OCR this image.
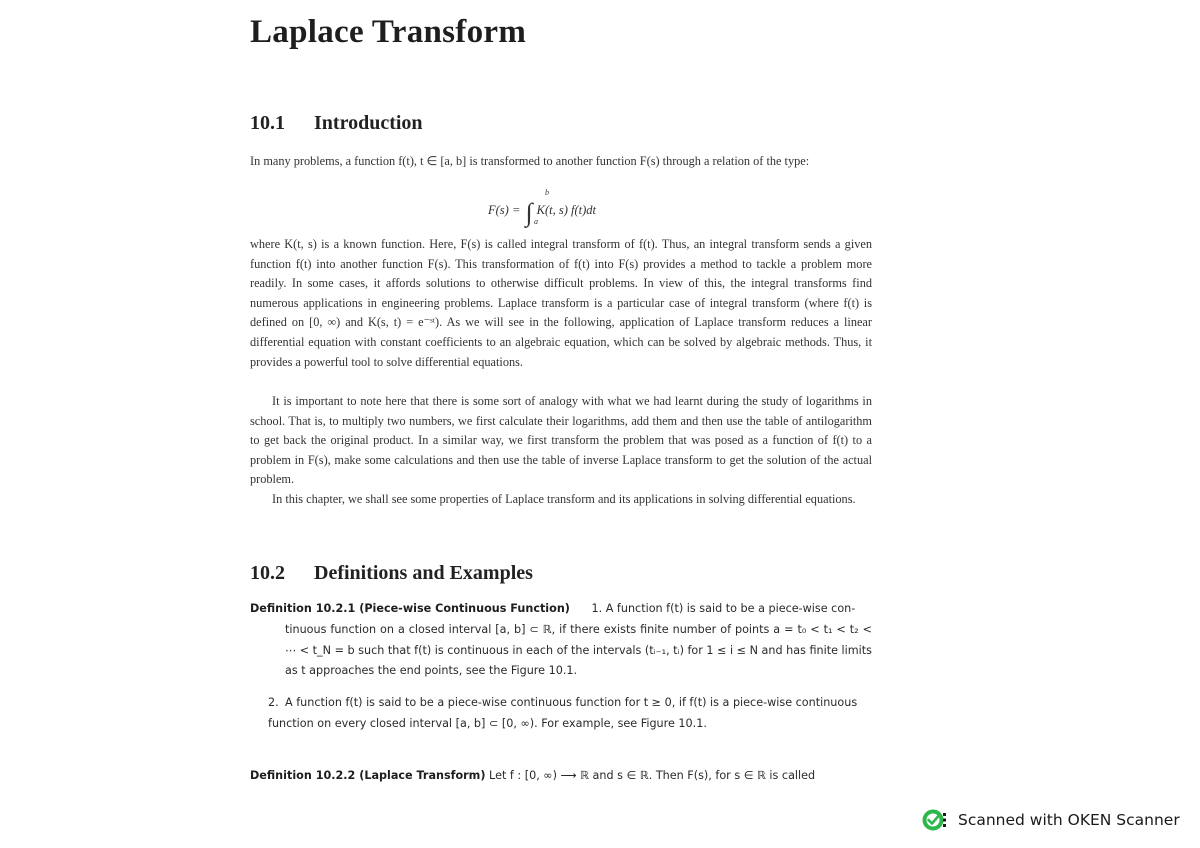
Laplace Transform
10.1 Introduction

In many problems, a function f(t), t ∈ [a, b] is transformed to another function F(s) through a relation of the type:

F(s) = ∫
b
a
K(t, s) f(t)dt

where K(t, s) is a known function. Here, F(s) is called integral transform of f(t). Thus, an integral transform sends a given function f(t) into another function F(s). This transformation of f(t) into F(s) provides a method to tackle a problem more readily. In some cases, it affords solutions to otherwise difficult problems. In view of this, the integral transforms find numerous applications in engineering problems. Laplace transform is a particular case of integral transform (where f(t) is defined on [0, ∞) and K(s, t) = e⁻ˢᵗ). As we will see in the following, application of Laplace transform reduces a linear differential equation with constant coefficients to an algebraic equation, which can be solved by algebraic methods. Thus, it provides a powerful tool to solve differential equations.

It is important to note here that there is some sort of analogy with what we had learnt during the study of logarithms in school. That is, to multiply two numbers, we first calculate their logarithms, add them and then use the table of antilogarithm to get back the original product. In a similar way, we first transform the problem that was posed as a function of f(t) to a problem in F(s), make some calculations and then use the table of inverse Laplace transform to get the solution of the actual problem.

In this chapter, we shall see some properties of Laplace transform and its applications in solving differential equations.

10.2 Definitions and Examples

Definition 10.2.1 (Piece-wise Continuous Function) 1. A function f(t) is said to be a piece-wise con-

tinuous function on a closed interval [a, b] ⊂ ℝ, if there exists finite number of points a = t₀ < t₁ < t₂ < ⋯ < t_N = b such that f(t) is continuous in each of the intervals (tᵢ₋₁, tᵢ) for 1 ≤ i ≤ N and has finite limits as t approaches the end points, see the Figure 10.1.

2. A function f(t) is said to be a piece-wise continuous function for t ≥ 0, if f(t) is a piece-wise continuous function on every closed interval [a, b] ⊂ [0, ∞). For example, see Figure 10.1.

Definition 10.2.2 (Laplace Transform) Let f : [0, ∞) ⟶ ℝ and s ∈ ℝ. Then F(s), for s ∈ ℝ is called

Scanned with OKEN Scanner
